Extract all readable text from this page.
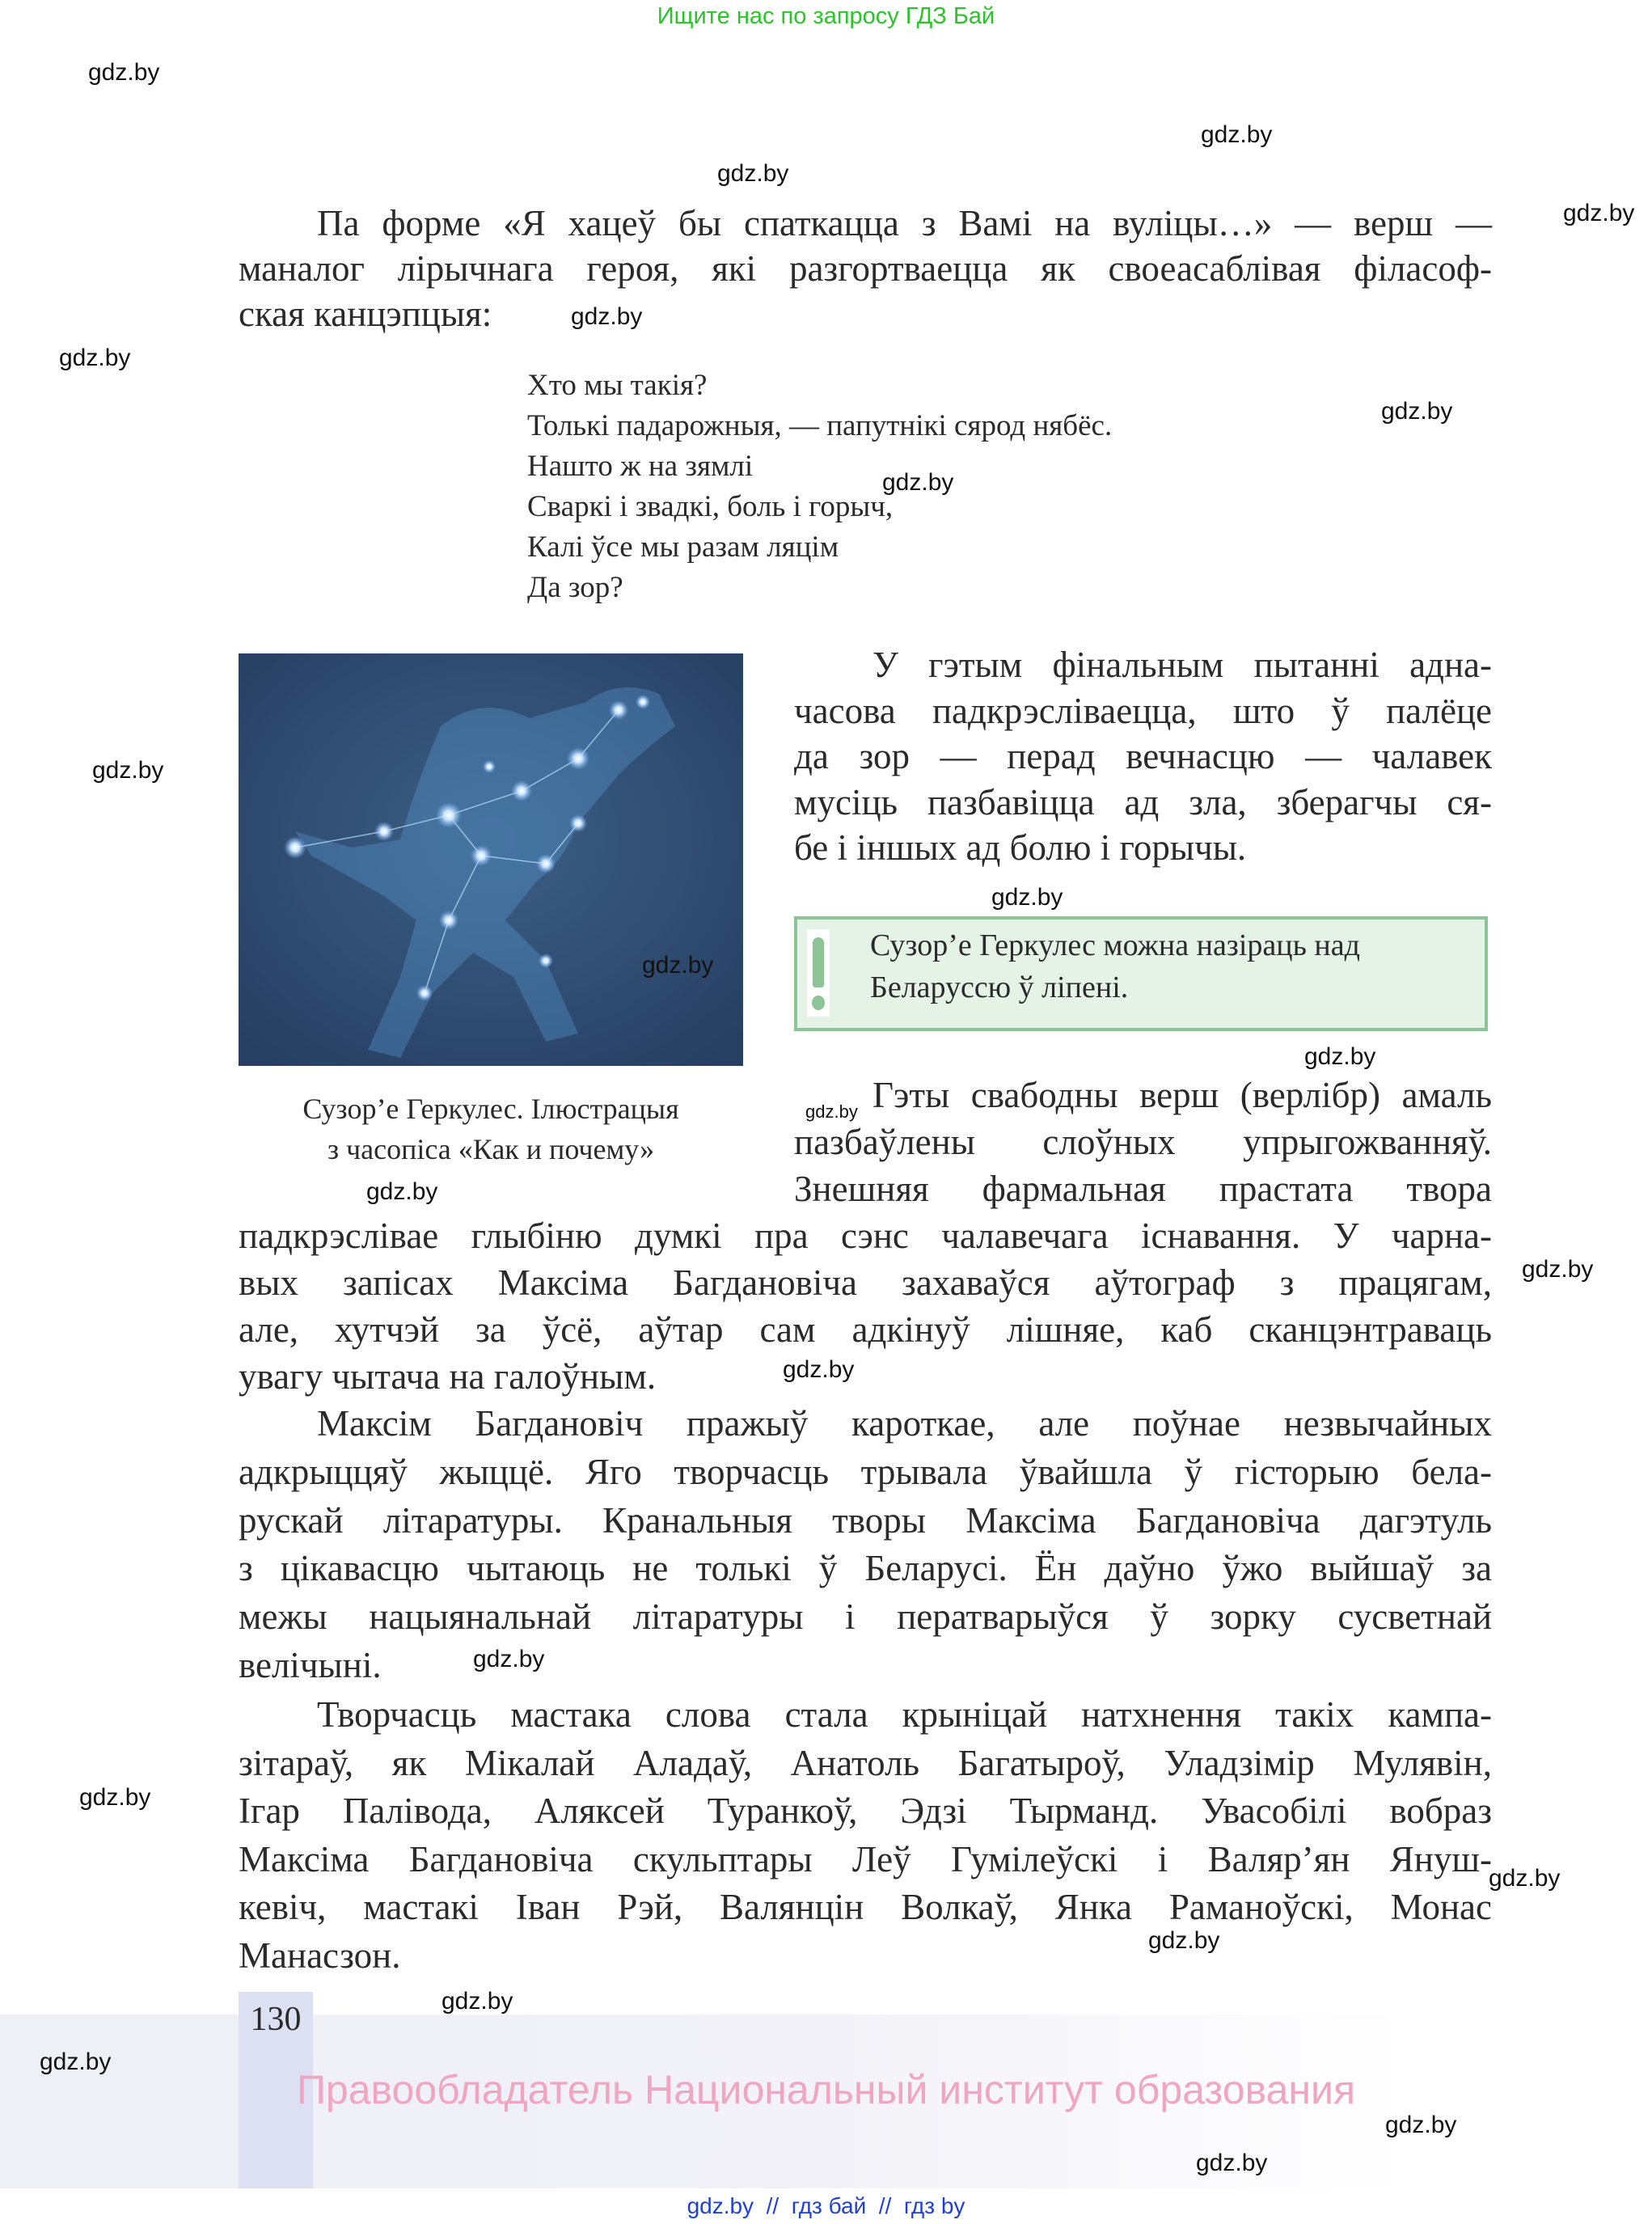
Ищите нас по запросу ГДЗ Бай
130
Правообладатель Национальный институт образования
gdz.by  //  гдз бай  //  гдз by
Па форме «Я хацеў бы спаткацца з Вамі на вуліцы…» — верш —
маналог лірычнага героя, які разгортваецца як своеасаблівая філасоф-
ская канцэпцыя:
Хто мы такія?
Толькі падарожныя, — папутнікі сярод нябёс.
Нашто ж на зямлі
Сваркі і звадкі, боль і горыч,
Калі ўсе мы разам ляцім
Да зор?
Сузор’е Геркулес. Ілюстрацыя
з часопіса «Как и почему»
У гэтым фінальным пытанні адна-
часова падкрэсліваецца, што ў палёце
да зор — перад вечнасцю — чалавек
мусіць пазбавіцца ад зла, зберагчы ся-
бе і іншых ад болю і горычы.
Сузор’е Геркулес можна назіраць над
Беларуссю ў ліпені.
Гэты свабодны верш (верлібр) амаль
пазбаўлены слоўных упрыгожванняў.
Знешняя фармальная прастата твора
падкрэслівае глыбіню думкі пра сэнс чалавечага існавання. У чарна-
вых запісах Максіма Багдановіча захаваўся аўтограф з працягам,
але, хутчэй за ўсё, аўтар сам адкінуў лішняе, каб сканцэнтраваць
увагу чытача на галоўным.
Максім Багдановіч пражыў кароткае, але поўнае незвычайных
адкрыццяў жыццё. Яго творчасць трывала ўвайшла ў гісторыю бела-
рускай літаратуры. Кранальныя творы Максіма Багдановіча дагэтуль
з цікавасцю чытаюць не толькі ў Беларусі. Ён даўно ўжо выйшаў за
межы нацыянальнай літаратуры і ператварыўся ў зорку сусветнай
велічыні.
Творчасць мастака слова стала крыніцай натхнення такіх кампа-
зітараў, як Мікалай Аладаў, Анатоль Багатыроў, Уладзімір Мулявін,
Ігар Палівода, Аляксей Туранкоў, Эдзі Тырманд. Увасобілі вобраз
Максіма Багдановіча скульптары Леў Гумілеўскі і Валяр’ян Януш-
кевіч, мастакі Іван Рэй, Валянцін Волкаў, Янка Раманоўскі, Монас
Манасзон.
gdz.by
gdz.by
gdz.by
gdz.by
gdz.by
gdz.by
gdz.by
gdz.by
gdz.by
gdz.by
gdz.by
gdz.by
gdz.by
gdz.by
gdz.by
gdz.by
gdz.by
gdz.by
gdz.by
gdz.by
gdz.by
gdz.by
gdz.by
gdz.by
